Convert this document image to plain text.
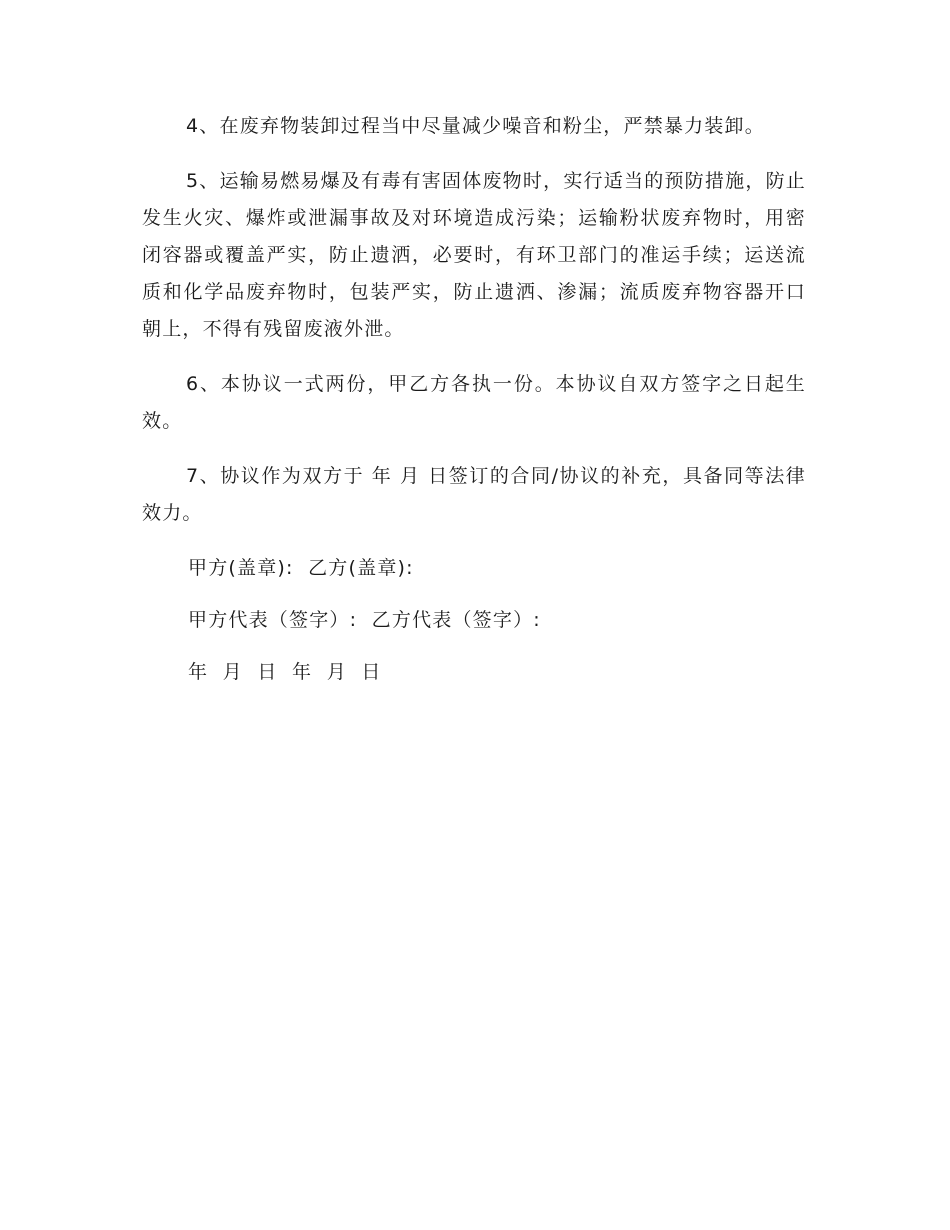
4、在废弃物装卸过程当中尽量减少噪音和粉尘，严禁暴力装卸。

5、运输易燃易爆及有毒有害固体废物时，实行适当的预防措施，防止发生火灾、爆炸或泄漏事故及对环境造成污染；运输粉状废弃物时，用密闭容器或覆盖严实，防止遗洒，必要时，有环卫部门的准运手续；运送流质和化学品废弃物时，包装严实，防止遗洒、渗漏；流质废弃物容器开口朝上，不得有残留废液外泄。

6、本协议一式两份，甲乙方各执一份。本协议自双方签字之日起生效。

7、协议作为双方于 年 月 日签订的合同/协议的补充，具备同等法律效力。

甲方(盖章):  乙方(盖章):
甲方代表（签字）:  乙方代表（签字）:
年  月  日  年  月  日
